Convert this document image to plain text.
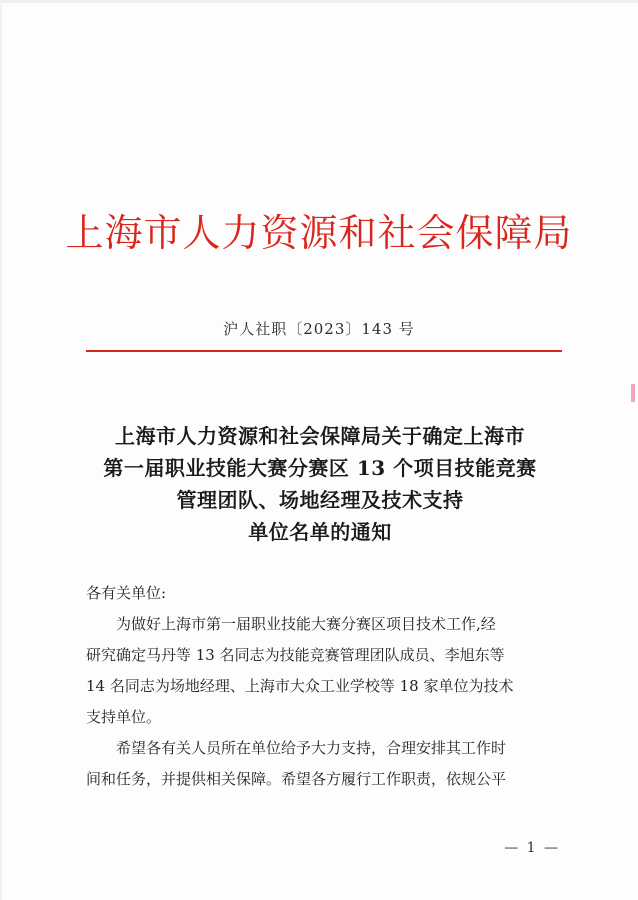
上海市人力资源和社会保障局
沪人社职〔2023〕143 号
上海市人力资源和社会保障局关于确定上海市
第一届职业技能大赛分赛区 13 个项目技能竞赛
管理团队、场地经理及技术支持
单位名单的通知
各有关单位:
为做好上海市第一届职业技能大赛分赛区项目技术工作,经
研究确定马丹等 13 名同志为技能竞赛管理团队成员、李旭东等
14 名同志为场地经理、上海市大众工业学校等 18 家单位为技术
支持单位。
希望各有关人员所在单位给予大力支持，合理安排其工作时
间和任务，并提供相关保障。希望各方履行工作职责，依规公平
— 1 —
